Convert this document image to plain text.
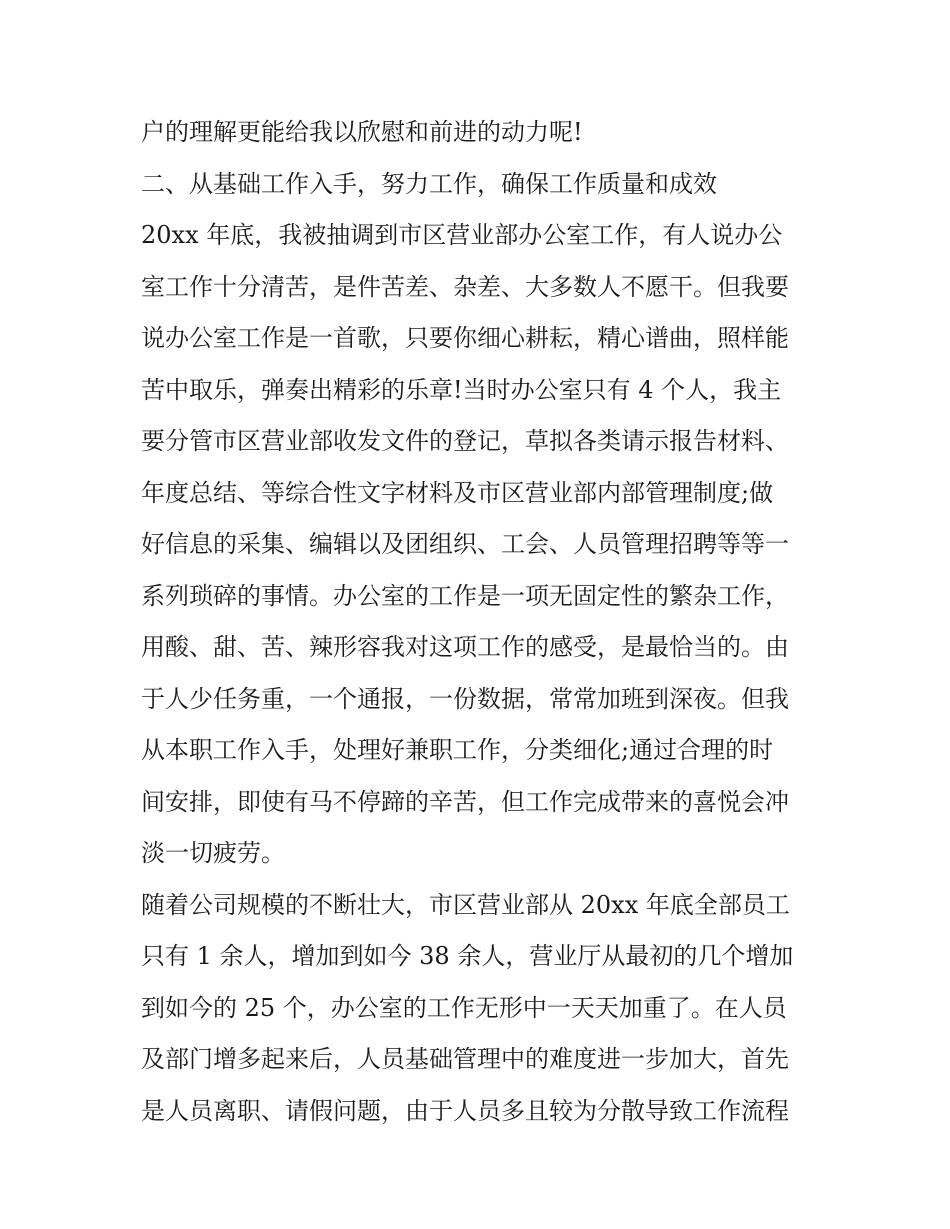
户的理解更能给我以欣慰和前进的动力呢!
二、从基础工作入手，努力工作，确保工作质量和成效
20xx 年底，我被抽调到市区营业部办公室工作，有人说办公
室工作十分清苦，是件苦差、杂差、大多数人不愿干。但我要
说办公室工作是一首歌，只要你细心耕耘，精心谱曲，照样能
苦中取乐，弹奏出精彩的乐章!当时办公室只有 4 个人，我主
要分管市区营业部收发文件的登记，草拟各类请示报告材料、
年度总结、等综合性文字材料及市区营业部内部管理制度;做
好信息的采集、编辑以及团组织、工会、人员管理招聘等等一
系列琐碎的事情。办公室的工作是一项无固定性的繁杂工作，
用酸、甜、苦、辣形容我对这项工作的感受，是最恰当的。由
于人少任务重，一个通报，一份数据，常常加班到深夜。但我
从本职工作入手，处理好兼职工作，分类细化;通过合理的时
间安排，即使有马不停蹄的辛苦，但工作完成带来的喜悦会冲
淡一切疲劳。
随着公司规模的不断壮大，市区营业部从 20xx 年底全部员工
只有 1 余人，增加到如今 38 余人，营业厅从最初的几个增加
到如今的 25 个，办公室的工作无形中一天天加重了。在人员
及部门增多起来后，人员基础管理中的难度进一步加大，首先
是人员离职、请假问题，由于人员多且较为分散导致工作流程
